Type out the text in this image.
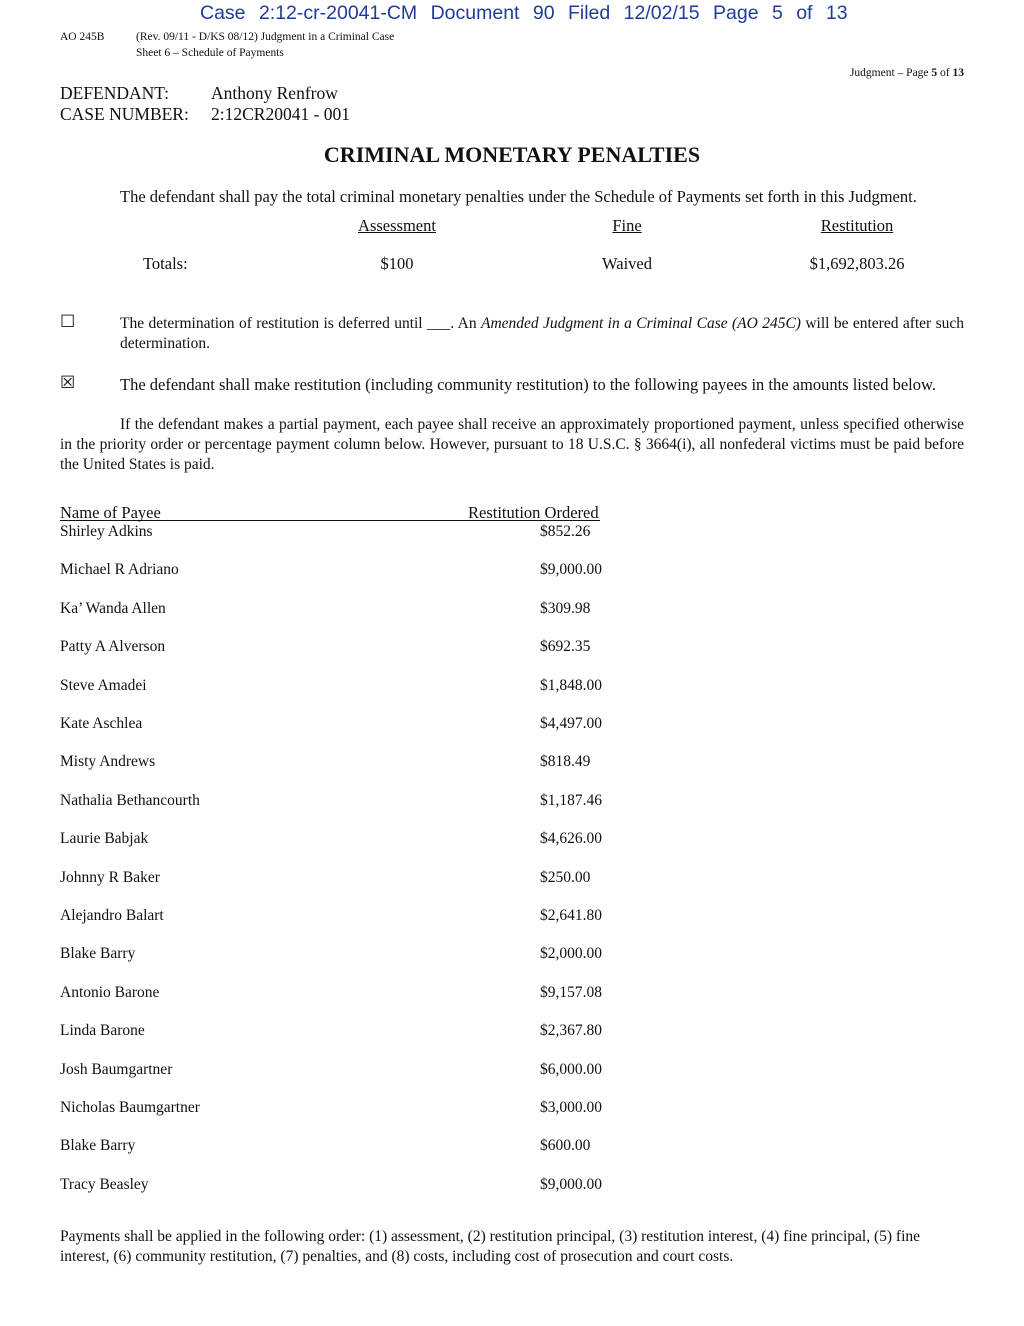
Case 2:12-cr-20041-CM Document 90 Filed 12/02/15 Page 5 of 13
AO 245B	(Rev. 09/11 - D/KS 08/12) Judgment in a Criminal Case
Sheet 6 – Schedule of Payments
Judgment – Page 5 of 13
DEFENDANT: Anthony Renfrow
CASE NUMBER: 2:12CR20041 - 001
CRIMINAL MONETARY PENALTIES
The defendant shall pay the total criminal monetary penalties under the Schedule of Payments set forth in this Judgment.
Assessment	Fine	Restitution
Totals:	$100	Waived	$1,692,803.26
☐	The determination of restitution is deferred until ___. An Amended Judgment in a Criminal Case (AO 245C) will be entered after such determination.
☒	The defendant shall make restitution (including community restitution) to the following payees in the amounts listed below.
If the defendant makes a partial payment, each payee shall receive an approximately proportioned payment, unless specified otherwise in the priority order or percentage payment column below. However, pursuant to 18 U.S.C. § 3664(i), all nonfederal victims must be paid before the United States is paid.
Name of Payee	Restitution Ordered
Shirley Adkins	$852.26
Michael R Adriano	$9,000.00
Ka’ Wanda Allen	$309.98
Patty A Alverson	$692.35
Steve Amadei	$1,848.00
Kate Aschlea	$4,497.00
Misty Andrews	$818.49
Nathalia Bethancourth	$1,187.46
Laurie Babjak	$4,626.00
Johnny R Baker	$250.00
Alejandro Balart	$2,641.80
Blake Barry	$2,000.00
Antonio Barone	$9,157.08
Linda Barone	$2,367.80
Josh Baumgartner	$6,000.00
Nicholas Baumgartner	$3,000.00
Blake Barry	$600.00
Tracy Beasley	$9,000.00
Payments shall be applied in the following order: (1) assessment, (2) restitution principal, (3) restitution interest, (4) fine principal, (5) fine interest, (6) community restitution, (7) penalties, and (8) costs, including cost of prosecution and court costs.
